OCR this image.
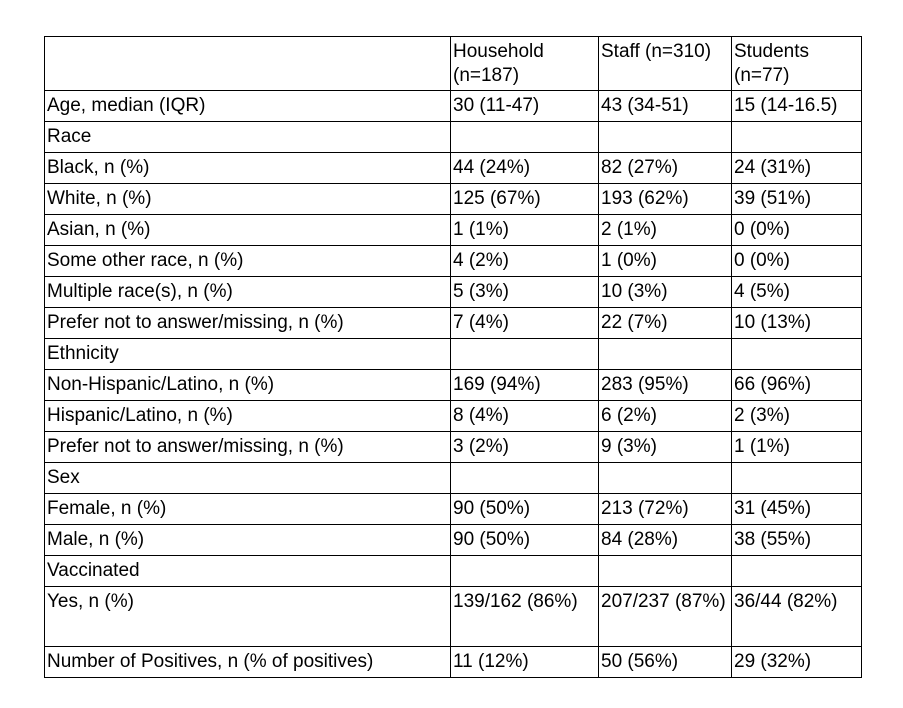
	Household (n=187)	Staff (n=310)	Students (n=77)
Age, median (IQR)	30 (11-47)	43 (34-51)	15 (14-16.5)
Race			
Black, n (%)	44 (24%)	82 (27%)	24 (31%)
White, n (%)	125 (67%)	193 (62%)	39 (51%)
Asian, n (%)	1 (1%)	2 (1%)	0 (0%)
Some other race, n (%)	4 (2%)	1 (0%)	0 (0%)
Multiple race(s), n (%)	5 (3%)	10 (3%)	4 (5%)
Prefer not to answer/missing, n (%)	7 (4%)	22 (7%)	10 (13%)
Ethnicity			
Non-Hispanic/Latino, n (%)	169 (94%)	283 (95%)	66 (96%)
Hispanic/Latino, n (%)	8 (4%)	6 (2%)	2 (3%)
Prefer not to answer/missing, n (%)	3 (2%)	9 (3%)	1 (1%)
Sex			
Female, n (%)	90 (50%)	213 (72%)	31 (45%)
Male, n (%)	90 (50%)	84 (28%)	38 (55%)
Vaccinated			
Yes, n (%)	139/162 (86%)	207/237 (87%)	36/44 (82%)
Number of Positives, n (% of positives)	11 (12%)	50 (56%)	29 (32%)
